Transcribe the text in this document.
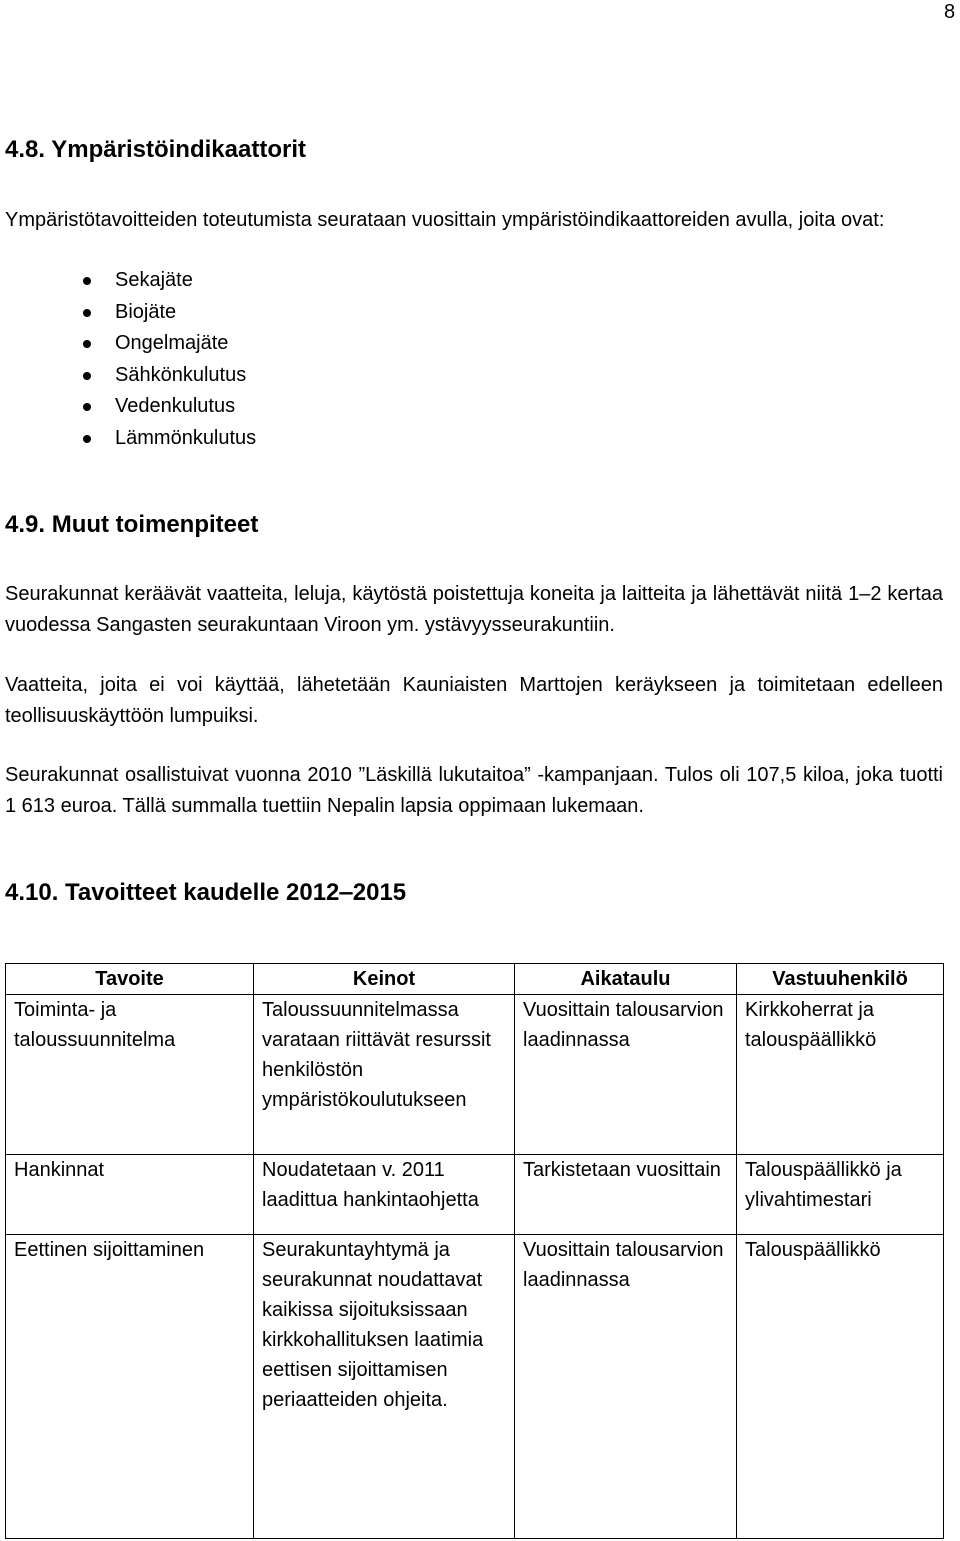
8
4.8. Ympäristöindikaattorit

Ympäristötavoitteiden toteutumista seurataan vuosittain ympäristöindikaattoreiden avulla, joita ovat:

Sekajäte
Biojäte
Ongelmajäte
Sähkönkulutus
Vedenkulutus
Lämmönkulutus
4.9. Muut toimenpiteet

Seurakunnat keräävät vaatteita, leluja, käytöstä poistettuja koneita ja laitteita ja lähettävät niitä 1‒2 kertaa vuodessa Sangasten seurakuntaan Viroon ym. ystävyysseurakuntiin.

Vaatteita, joita ei voi käyttää, lähetetään Kauniaisten Marttojen keräykseen ja toimitetaan edelleen teollisuuskäyttöön lumpuiksi.

Seurakunnat osallistuivat vuonna 2010 ”Läskillä lukutaitoa” -kampanjaan. Tulos oli 107,5 kiloa, joka tuotti 1 613 euroa. Tällä summalla tuettiin Nepalin lapsia oppimaan lukemaan.

4.10. Tavoitteet kaudelle 2012‒2015
Tavoite	Keinot	Aikataulu	Vastuuhenkilö
Toiminta- ja taloussuunnitelma	Taloussuunnitelmassa varataan riittävät resurssit henkilöstön ympäristökoulutukseen	Vuosittain talousarvion laadinnassa	Kirkkoherrat ja talouspäällikkö
Hankinnat	Noudatetaan v. 2011 laadittua hankintaohjetta	Tarkistetaan vuosittain	Talouspäällikkö ja ylivahtimestari
Eettinen sijoittaminen	Seurakuntayhtymä ja seurakunnat noudattavat kaikissa sijoituksissaan kirkkohallituksen laatimia eettisen sijoittamisen periaatteiden ohjeita.	Vuosittain talousarvion laadinnassa	Talouspäällikkö
